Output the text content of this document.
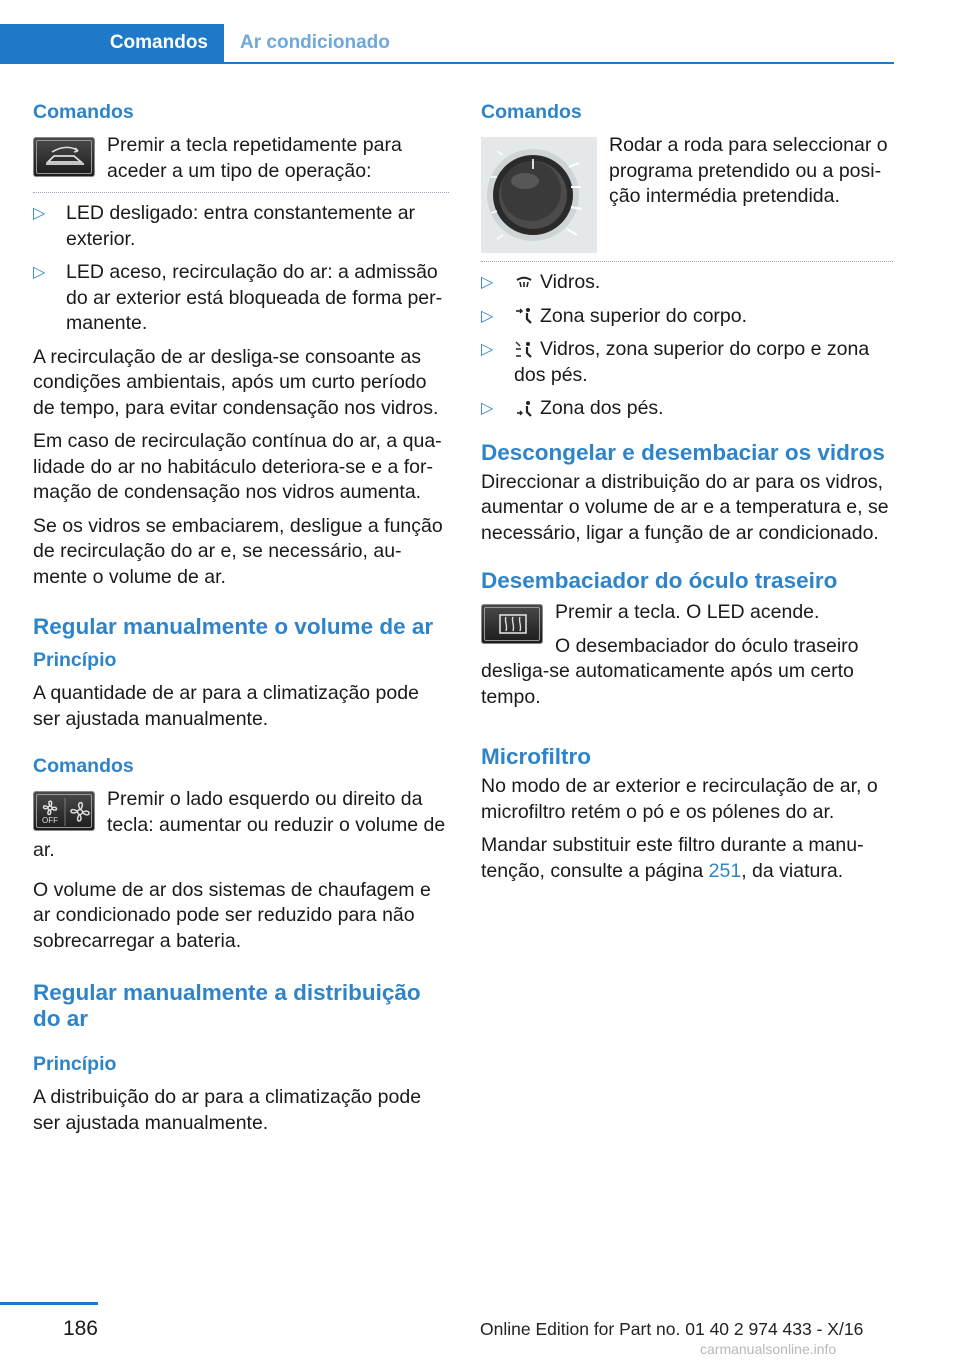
Comandos	Ar condicionado
Comandos

Premir a tecla repetidamente para aceder a um tipo de operação:

▷ LED desligado: entra constantemente ar exterior.
▷ LED aceso, recirculação do ar: a admissão do ar exterior está bloqueada de forma per- manente.

A recirculação de ar desliga-se consoante as condições ambientais, após um curto período de tempo, para evitar condensação nos vidros.

Em caso de recirculação contínua do ar, a qua- lidade do ar no habitáculo deteriora-se e a for- mação de condensação nos vidros aumenta.

Se os vidros se embaciarem, desligue a função de recirculação do ar e, se necessário, au- mente o volume de ar.

Regular manualmente o volume de ar
Princípio

A quantidade de ar para a climatização pode ser ajustada manualmente.

Comandos
OFF
Premir o lado esquerdo ou direito da tecla: aumentar ou reduzir o volume de ar.

O volume de ar dos sistemas de chaufagem e ar condicionado pode ser reduzido para não sobrecarregar a bateria.

Regular manualmente a distribuição do ar
Princípio

A distribuição do ar para a climatização pode ser ajustada manualmente.

Comandos

Rodar a roda para seleccionar o programa pretendido ou a posi- ção intermédia pretendida.

▷ Vidros.
▷ Zona superior do corpo.
▷ Vidros, zona superior do corpo e zona dos pés.
▷ Zona dos pés.
Descongelar e desembaciar os vidros

Direccionar a distribuição do ar para os vidros, aumentar o volume de ar e a temperatura e, se necessário, ligar a função de ar condicionado.

Desembaciador do óculo traseiro

Premir a tecla. O LED acende.

O desembaciador do óculo traseiro desliga-se automaticamente após um certo tempo.

Microfiltro

No modo de ar exterior e recirculação de ar, o microfiltro retém o pó e os pólenes do ar.

Mandar substituir este filtro durante a manu- tenção, consulte a página 251, da viatura.

186	Online Edition for Part no. 01 40 2 974 433 - X/16
carmanualsonline.info
